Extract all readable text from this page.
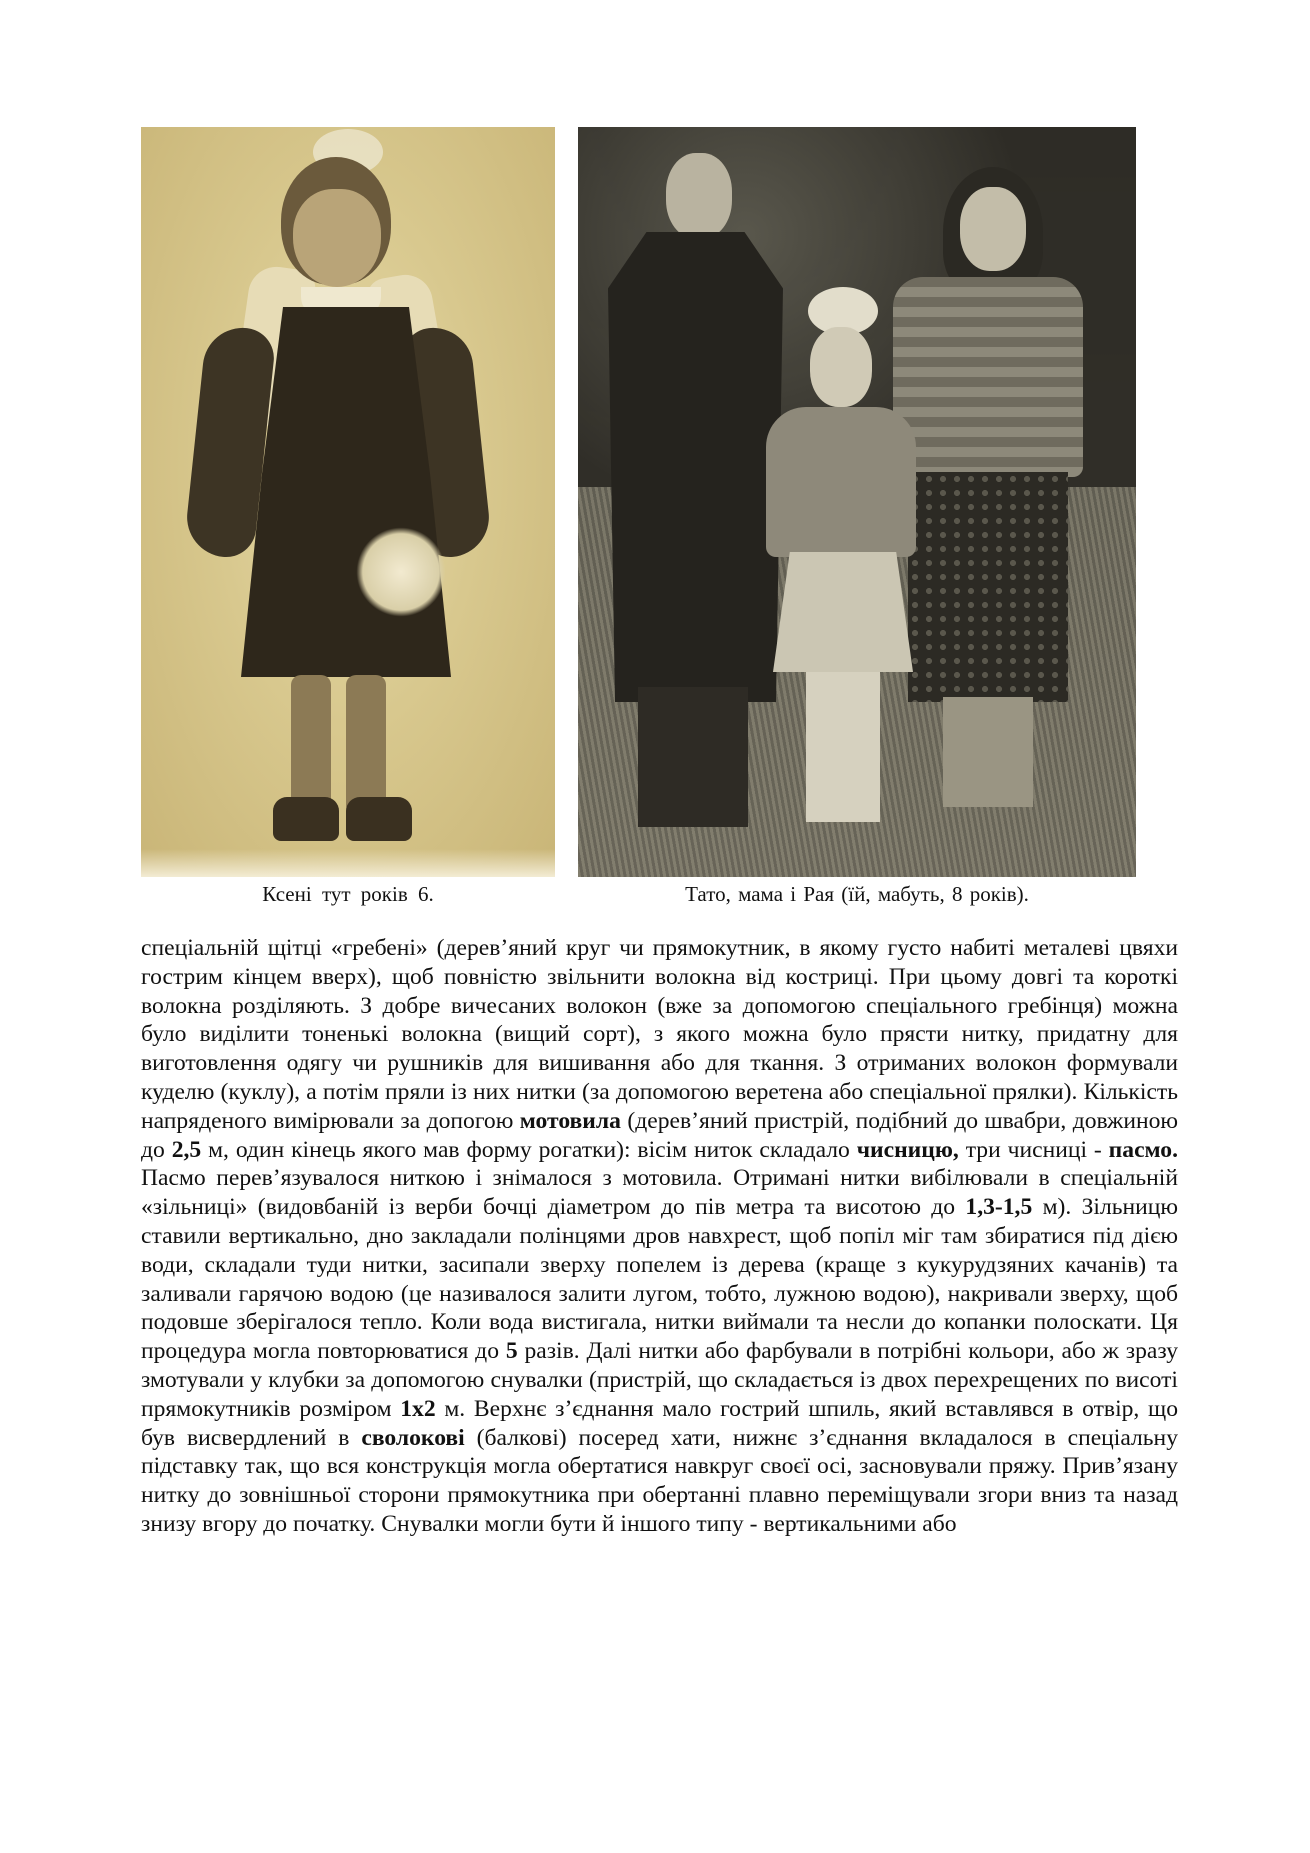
Ксені тут років 6.	Тато, мама і Рая (їй, мабуть, 8 років).

спеціальній щітці «гребені» (дерев’яний круг чи прямокутник, в якому густо набиті металеві цвяхи гострим кінцем вверх), щоб повністю звільнити волокна від кострицi. При цьому довгі та короткі волокна розділяють. З добре вичесаних волокон (вже за допомогою спеціального гребінця) можна було виділити тоненькі волокна (вищий сорт), з якого можна було прясти нитку, придатну для виготовлення одягу чи рушників для вишивання або для ткання. З отриманих волокон формували куделю (куклу), а потім пряли із них нитки (за допомогою веретена або спеціальної прялки). Кількість напряденого вимірювали за допогою мотовила (дерев’яний пристрій, подібний до швабри, довжиною до 2,5 м, один кінець якого мав форму рогатки): вісім ниток складало чисницю, три чисниці - пасмо. Пасмо перев’язувалося ниткою і знімалося з мотовила. Отримані нитки вибілювали в спеціальній «зільниці» (видовбаній із верби бочці діаметром до пів метра та висотою до 1,3-1,5 м). Зільницю ставили вертикально, дно закладали полінцями дров навхрест, щоб попіл міг там збиратися під дією води, складали туди нитки, засипали зверху попелем із дерева (краще з кукурудзяних качанів) та заливали гарячою водою (це називалося залити лугом, тобто, лужною водою), накривали зверху, щоб подовше зберігалося тепло. Коли вода вистигала, нитки виймали та несли до копанки полоскати. Ця процедура могла повторюватися до 5 разів. Далі нитки або фарбували в потрібні кольори, або ж зразу змотували у клубки за допомогою снувалки (пристрій, що складається із двох перехрещених по висоті прямокутників розміром 1х2 м. Верхнє з’єднання мало гострий шпиль, який вставлявся в отвір, що був висвердлений в сволокові (балкові) посеред хати, нижнє з’єднання вкладалося в спеціальну підставку так, що вся конструкція могла обертатися навкруг своєї осі, засновували пряжу. Прив’язану нитку до зовнішньої сторони прямокутника при обертанні плавно переміщували згори вниз та назад знизу вгору до початку. Снувалки могли бути й іншого типу - вертикальними або
